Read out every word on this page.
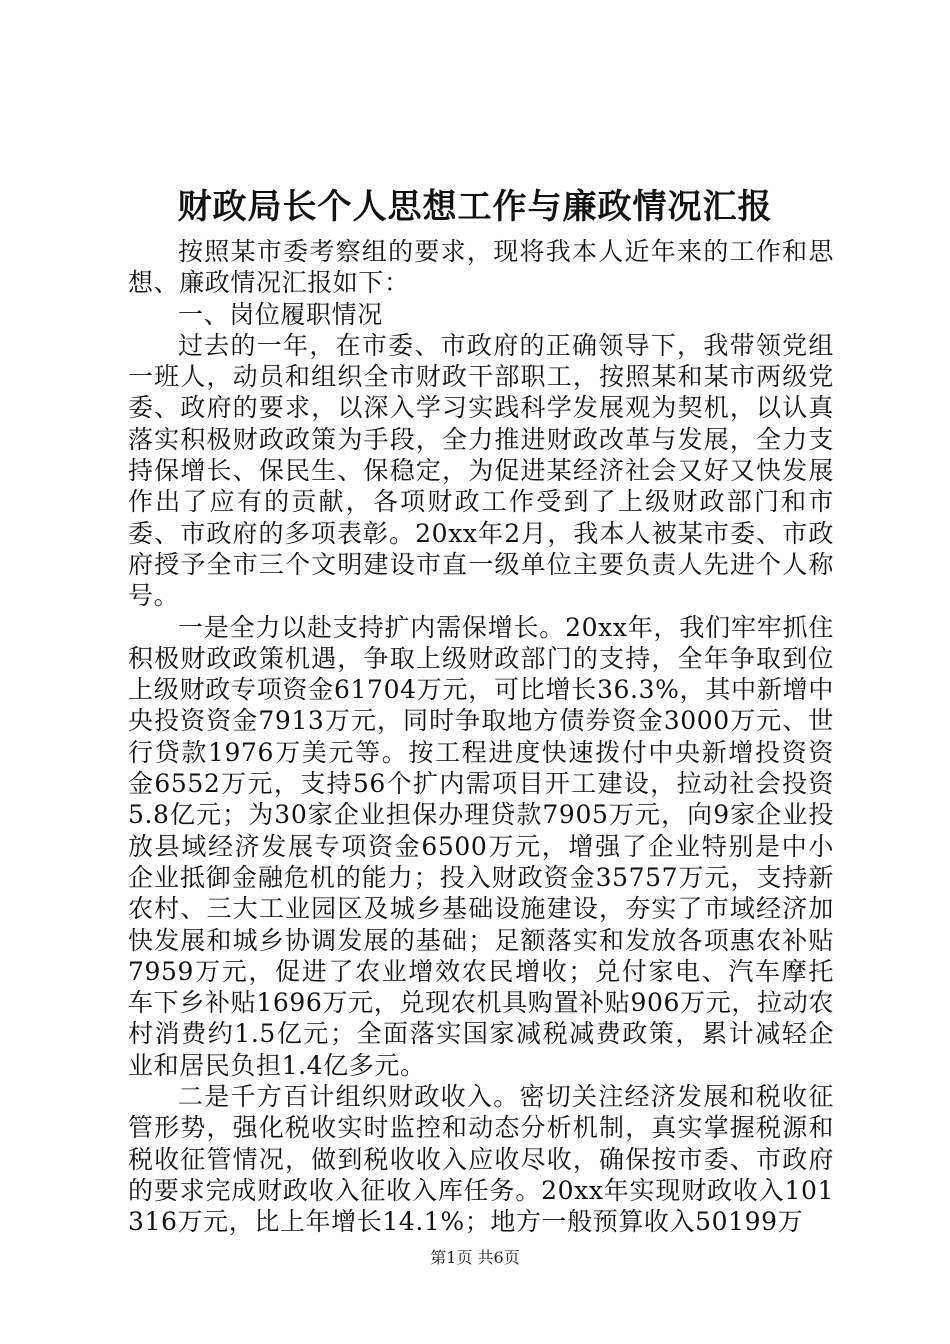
财政局长个人思想工作与廉政情况汇报

按照某市委考察组的要求，现将我本人近年来的工作和思想、廉政情况汇报如下：

一、岗位履职情况

过去的一年，在市委、市政府的正确领导下，我带领党组一班人，动员和组织全市财政干部职工，按照某和某市两级党委、政府的要求，以深入学习实践科学发展观为契机，以认真落实积极财政政策为手段，全力推进财政改革与发展，全力支持保增长、保民生、保稳定，为促进某经济社会又好又快发展作出了应有的贡献，各项财政工作受到了上级财政部门和市委、市政府的多项表彰。20xx年2月，我本人被某市委、市政府授予全市三个文明建设市直一级单位主要负责人先进个人称号。

一是全力以赴支持扩内需保增长。20xx年，我们牢牢抓住积极财政政策机遇，争取上级财政部门的支持，全年争取到位上级财政专项资金61704万元，可比增长36.3%，其中新增中央投资资金7913万元，同时争取地方债券资金3000万元、世行贷款1976万美元等。按工程进度快速拨付中央新增投资资金6552万元，支持56个扩内需项目开工建设，拉动社会投资5.8亿元；为30家企业担保办理贷款7905万元，向9家企业投放县域经济发展专项资金6500万元，增强了企业特别是中小企业抵御金融危机的能力；投入财政资金35757万元，支持新农村、三大工业园区及城乡基础设施建设，夯实了市域经济加快发展和城乡协调发展的基础；足额落实和发放各项惠农补贴7959万元，促进了农业增效农民增收；兑付家电、汽车摩托车下乡补贴1696万元，兑现农机具购置补贴906万元，拉动农村消费约1.5亿元；全面落实国家减税减费政策，累计减轻企业和居民负担1.4亿多元。

二是千方百计组织财政收入。密切关注经济发展和税收征管形势，强化税收实时监控和动态分析机制，真实掌握税源和税收征管情况，做到税收收入应收尽收，确保按市委、市政府的要求完成财政收入征收入库任务。20xx年实现财政收入101316万元，比上年增长14.1%；地方一般预算收入50199万

第1页 共6页
